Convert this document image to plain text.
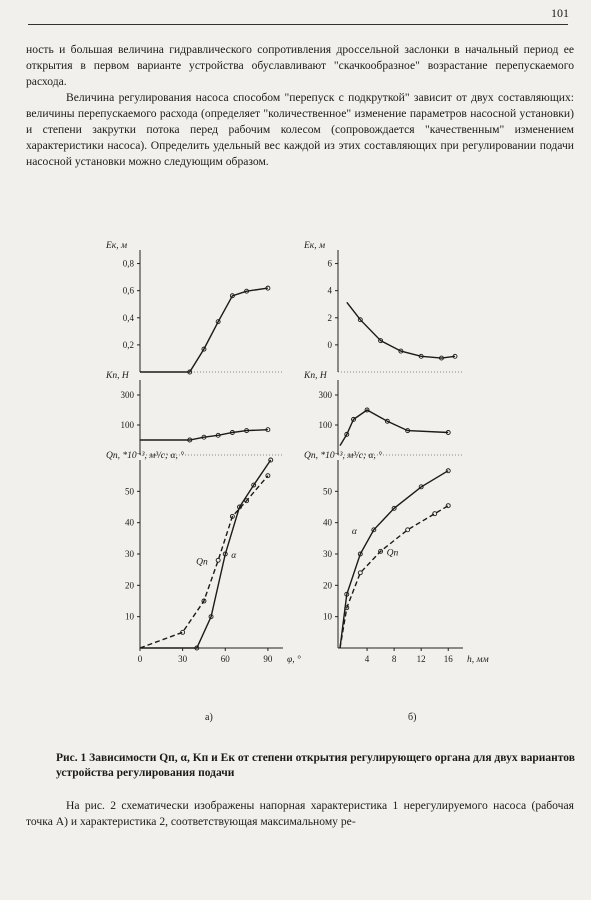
101

ность и большая величина гидравлического сопротивления дроссельной заслонки в начальный период ее открытия в первом варианте устройства обуславливают "скачкообразное" возрастание перепускаемого расхода.

Величина регулирования насоса способом "перепуск с подкруткой" зависит от двух составляющих: величины перепускаемого расхода (определяет "количественное" изменение параметров насосной установки) и степени закрутки потока перед рабочим колесом (сопровождается "качественным" изменением характеристики насоса). Определить удельный вес каждой из этих составляющих при регулировании подачи насосной установки можно следующим образом.

0,8
0,6
0,4
0,2
Eк, м
300
100
Kп, Н
50
40
30
20
10
Qп, *10⁻³, м³/с; α, °
Qп
α
0	30	60	90 φ, °
6
4
2
0
Eк, м
300
100
Kп, Н
50
40
30
20
10
Qп, *10⁻³, м³/с; α, °
α
Qп
4	8 12 16 h, мм
а)	б)
Рис. 1 Зависимости Qп, α, Kп и Eк от степени открытия регулирующего органа для двух вариантов устройства регулирования подачи

На рис. 2 схематически изображены напорная характеристика 1 нерегулируемого насоса (рабочая точка А) и характеристика 2, соответствующая максимальному ре-
